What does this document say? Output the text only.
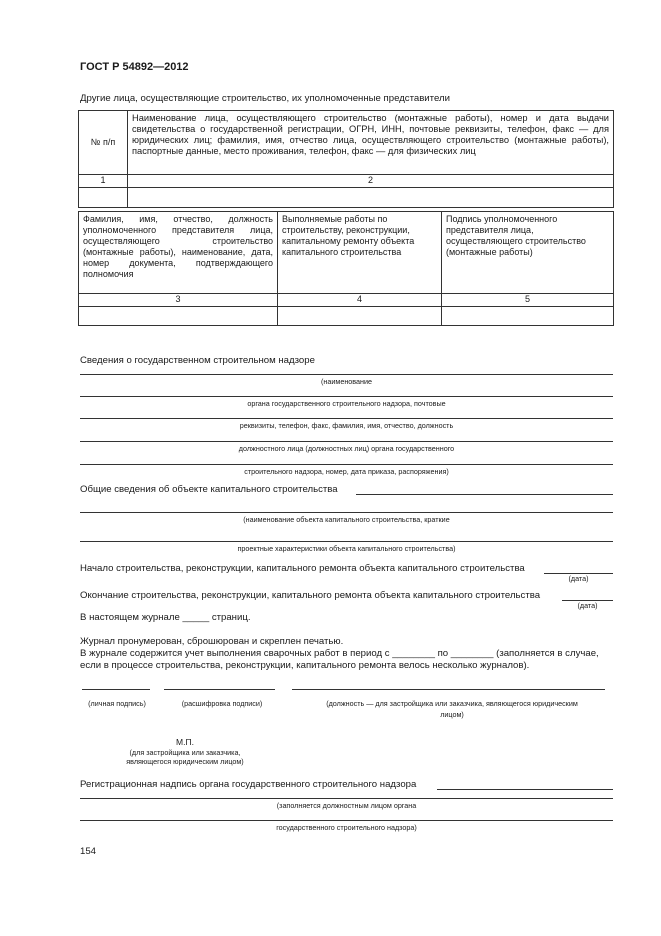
ГОСТ Р 54892—2012
Другие лица, осуществляющие строительство, их уполномоченные представители
№ п/п	Наименование лица, осуществляющего строительство (монтажные работы), номер и дата выдачи свидетельства о государственной регистрации, ОГРН, ИНН, почтовые реквизиты, телефон, факс — для юридических лиц; фамилия, имя, отчество лица, осуществляющего строительство (монтажные работы), паспортные данные, место проживания, телефон, факс — для физических лиц
1	2

Фамилия, имя, отчество, должность уполномоченного представителя лица, осуществляющего строительство (монтажные работы), наименование, дата, номер документа, подтверждающего полномочия	Выполняемые работы по строительству, реконструкции, капитальному ремонту объекта капитального строительства	Подпись уполномоченного представителя лица, осуществляющего строительство (монтажные работы)
3	4	5

Сведения о государственном строительном надзоре
(наименование
органа государственного строительного надзора, почтовые
реквизиты, телефон, факс, фамилия, имя, отчество, должность
должностного лица (должностных лиц) органа государственного
строительного надзора, номер, дата приказа, распоряжения)
Общие сведения об объекте капитального строительства
(наименование объекта капитального строительства, краткие
проектные характеристики объекта капитального строительства)
Начало строительства, реконструкции, капитального ремонта объекта капитального строительства
(дата)
Окончание строительства, реконструкции, капитального ремонта объекта капитального строительства
(дата)
В настоящем журнале _____ страниц.
Журнал пронумерован, сброшюрован и скреплен печатью.
В журнале содержится учет выполнения сварочных работ в период с ________ по ________ (заполняется в случае,
если в процессе строительства, реконструкции, капитального ремонта велось несколько журналов).
(личная подпись)	(расшифровка подписи)	(должность — для застройщика или заказчика, являющегося юридическим
лицом)
М.П.
(для застройщика или заказчика,
являющегося юридическим лицом)
Регистрационная надпись органа государственного строительного надзора
(заполняется должностным лицом органа
государственного строительного надзора)
154
